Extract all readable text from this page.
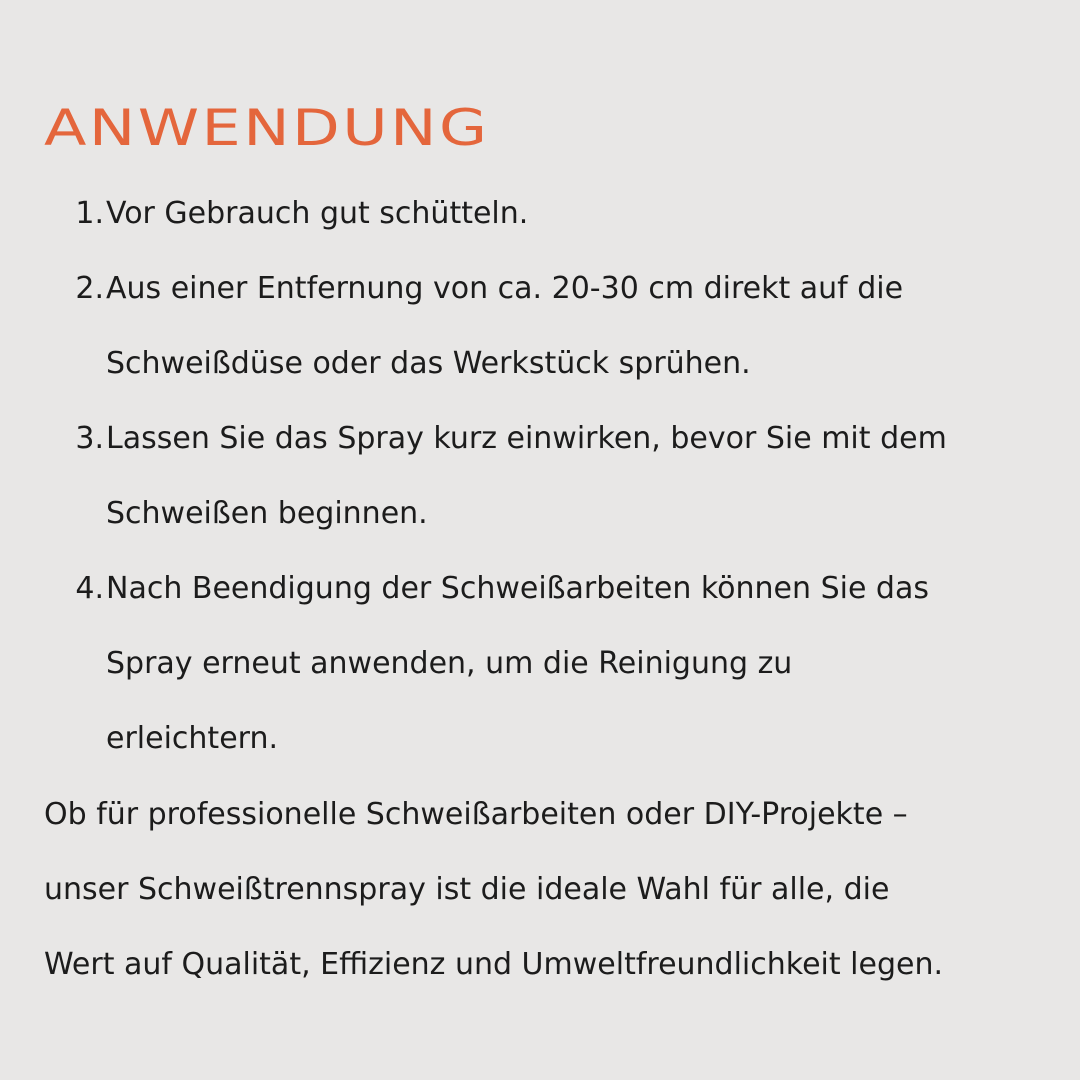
ANWENDUNG
1. Vor Gebrauch gut schütteln.
2. Aus einer Entfernung von ca. 20-30 cm direkt auf die
Schweißdüse oder das Werkstück sprühen.
3. Lassen Sie das Spray kurz einwirken, bevor Sie mit dem
Schweißen beginnen.
4. Nach Beendigung der Schweißarbeiten können Sie das
Spray erneut anwenden, um die Reinigung zu
erleichtern.

Ob für professionelle Schweißarbeiten oder DIY-Projekte –
unser Schweißtrennspray ist die ideale Wahl für alle, die
Wert auf Qualität, Effizienz und Umweltfreundlichkeit legen.
